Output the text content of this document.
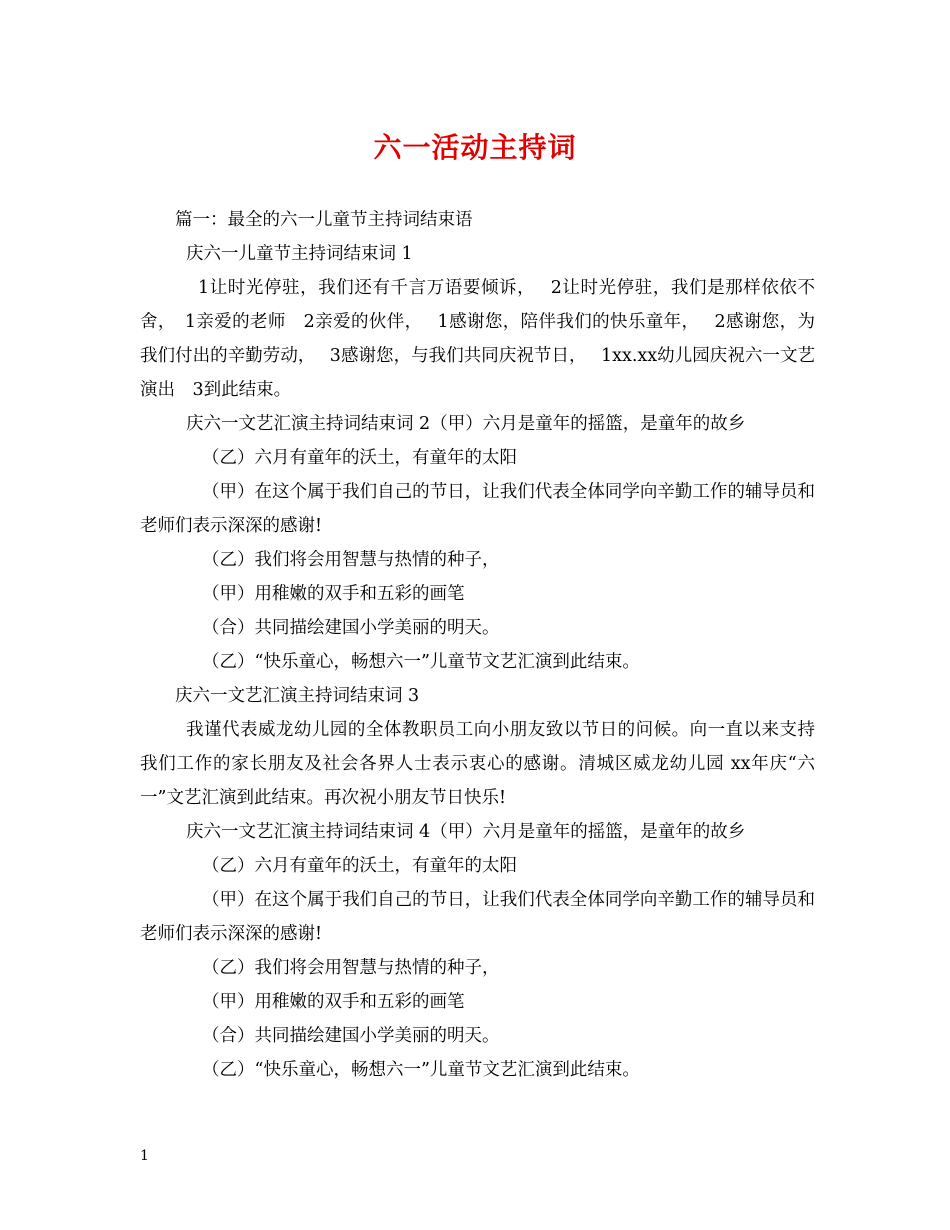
六一活动主持词

篇一：最全的六一儿童节主持词结束语

庆六一儿童节主持词结束词 1

1让时光停驻，我们还有千言万语要倾诉，　 2让时光停驻，我们是那样依依不舍，　1亲爱的老师　2亲爱的伙伴，　 1感谢您，陪伴我们的快乐童年，　 2感谢您，为我们付出的辛勤劳动，　 3感谢您，与我们共同庆祝节日，　 1xx.xx幼儿园庆祝六一文艺演出　3到此结束。

庆六一文艺汇演主持词结束词 2（甲）六月是童年的摇篮，是童年的故乡

（乙）六月有童年的沃土，有童年的太阳

（甲）在这个属于我们自己的节日，让我们代表全体同学向辛勤工作的辅导员和老师们表示深深的感谢!

（乙）我们将会用智慧与热情的种子，

（甲）用稚嫩的双手和五彩的画笔

（合）共同描绘建国小学美丽的明天。

（乙）“快乐童心，畅想六一”儿童节文艺汇演到此结束。

庆六一文艺汇演主持词结束词 3

我谨代表威龙幼儿园的全体教职员工向小朋友致以节日的问候。向一直以来支持我们工作的家长朋友及社会各界人士表示衷心的感谢。清城区威龙幼儿园 xx年庆“六一”文艺汇演到此结束。再次祝小朋友节日快乐!

庆六一文艺汇演主持词结束词 4（甲）六月是童年的摇篮，是童年的故乡

（乙）六月有童年的沃土，有童年的太阳

（甲）在这个属于我们自己的节日，让我们代表全体同学向辛勤工作的辅导员和老师们表示深深的感谢!

（乙）我们将会用智慧与热情的种子，

（甲）用稚嫩的双手和五彩的画笔

（合）共同描绘建国小学美丽的明天。

（乙）“快乐童心，畅想六一”儿童节文艺汇演到此结束。

1
